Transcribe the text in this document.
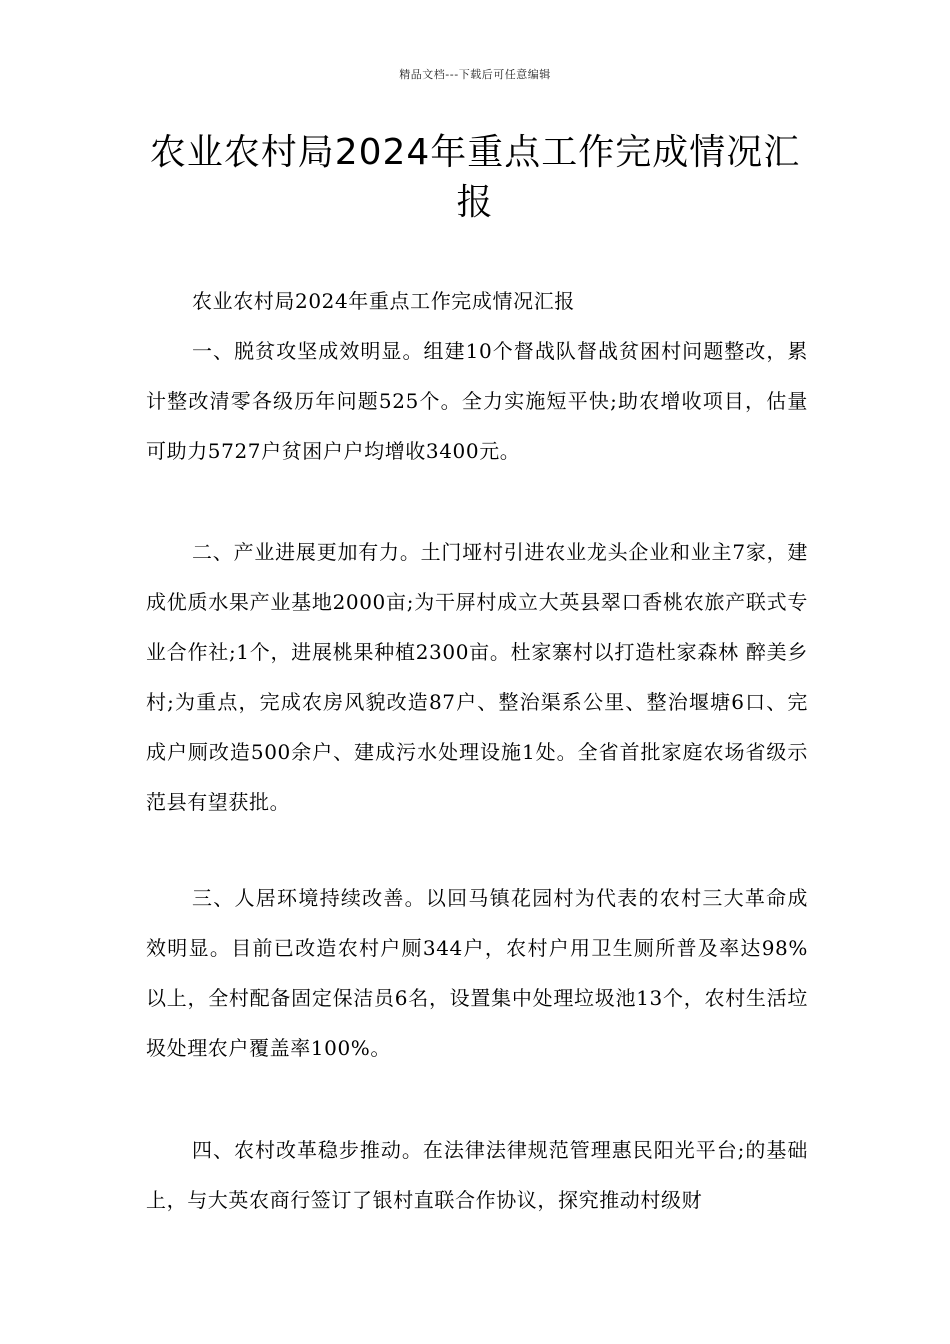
精品文档---下载后可任意编辑
农业农村局2024年重点工作完成情况汇报

农业农村局2024年重点工作完成情况汇报

一、脱贫攻坚成效明显。组建10个督战队督战贫困村问题整改，累计整改清零各级历年问题525个。全力实施短平快;助农增收项目，估量可助力5727户贫困户户均增收3400元。

二、产业进展更加有力。土门垭村引进农业龙头企业和业主7家，建成优质水果产业基地2000亩;为干屏村成立大英县翠口香桃农旅产联式专业合作社;1个，进展桃果种植2300亩。杜家寨村以打造杜家森林 醉美乡村;为重点，完成农房风貌改造87户、整治渠系公里、整治堰塘6口、完成户厕改造500余户、建成污水处理设施1处。全省首批家庭农场省级示范县有望获批。

三、人居环境持续改善。以回马镇花园村为代表的农村三大革命成效明显。目前已改造农村户厕344户，农村户用卫生厕所普及率达98%以上，全村配备固定保洁员6名，设置集中处理垃圾池13个，农村生活垃圾处理农户覆盖率100%。

四、农村改革稳步推动。在法律法律规范管理惠民阳光平台;的基础上，与大英农商行签订了银村直联合作协议，探究推动村级财
